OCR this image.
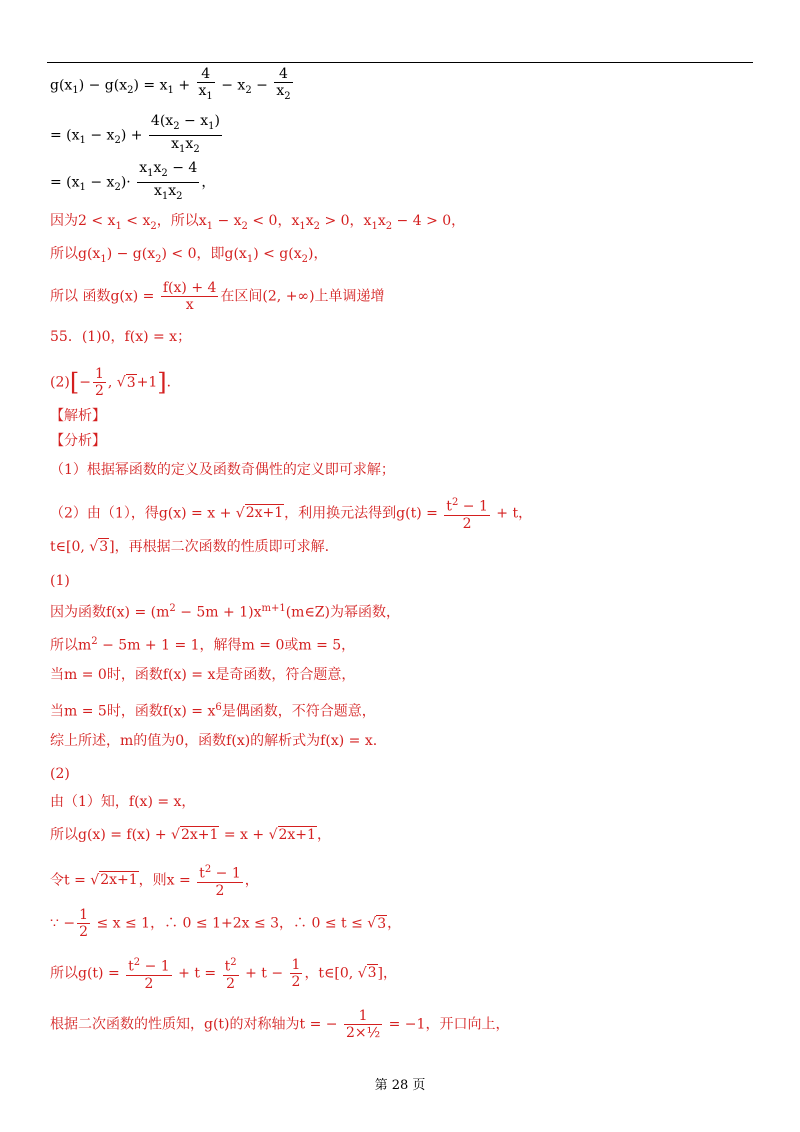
$g(x_1) - g(x_2) = x_1 + \frac{4}{x_1} - x_2 - \frac{4}{x_2}$
= $(x_1 - x_2) + \frac{4(x_2 - x_1)}{x_1x_2}$
= $(x_1 - x_2)\cdot \frac{x_1x_2 - 4}{x_1x_2}$ ，
因为$2 < x_1 < x_2$，所以$x_1 - x_2 < 0$，$x_1x_2 > 0$，$x_1x_2 - 4 > 0$，
所以$g(x_1) - g(x_2) < 0$，即$g(x_1) < g(x_2)$，
所以 函数$g(x) = \frac{f(x) + 4}{x}$ 在区间(2, +∞)上单调递增
55．(1)0，f(x) = x；
$(2)[- \frac{1}{2}$ , √3+1]．
【解析】
【分析】
（1）根据幂函数的定义及函数奇偶性的定义即可求解；
（2）由（1），得g(x) = x + √2x+1，利用换元法得到$g(t) = \frac{t^2 - 1}{2} + t$，
t∈[0, √3]，再根据二次函数的性质即可求解.
(1)
因为函数$f(x) = (m^2 - 5m$ + $1)x^{m+1}(m\in Z)$为幂函数，
所以$m^2 - 5m + 1 = 1$，解得m = 0或m = 5，
当m = 0时，函数f(x) = x是奇函数，符合题意，
当m = 5时，函数$f(x) = x^6$是偶函数，不符合题意，
综上所述，m的值为0，函数f(x)的解析式为f(x) = x.
(2)
由（1）知，f(x) = x，
所以g(x) = f(x) + √2x+1 = x + √2x+1，
令t = √2x+1，则$x = \frac{t^2 - 1}{2}$ ，
∵ − $\frac{1}{2} \le x \le 1$，∴ 0 ≤ 1+2x ≤ 3，∴ 0 ≤ t ≤ √3，
所以$g(t) = \frac{t^2 - 1}{2} + t = \frac{t^2}{2} + t - \frac{1}{2}$ ，t∈[0, √3]，
根据二次函数的性质知，g(t)的对称轴为t = − $\frac{1}{\text{2×½}} = -1$，开口向上，
第 28 页
